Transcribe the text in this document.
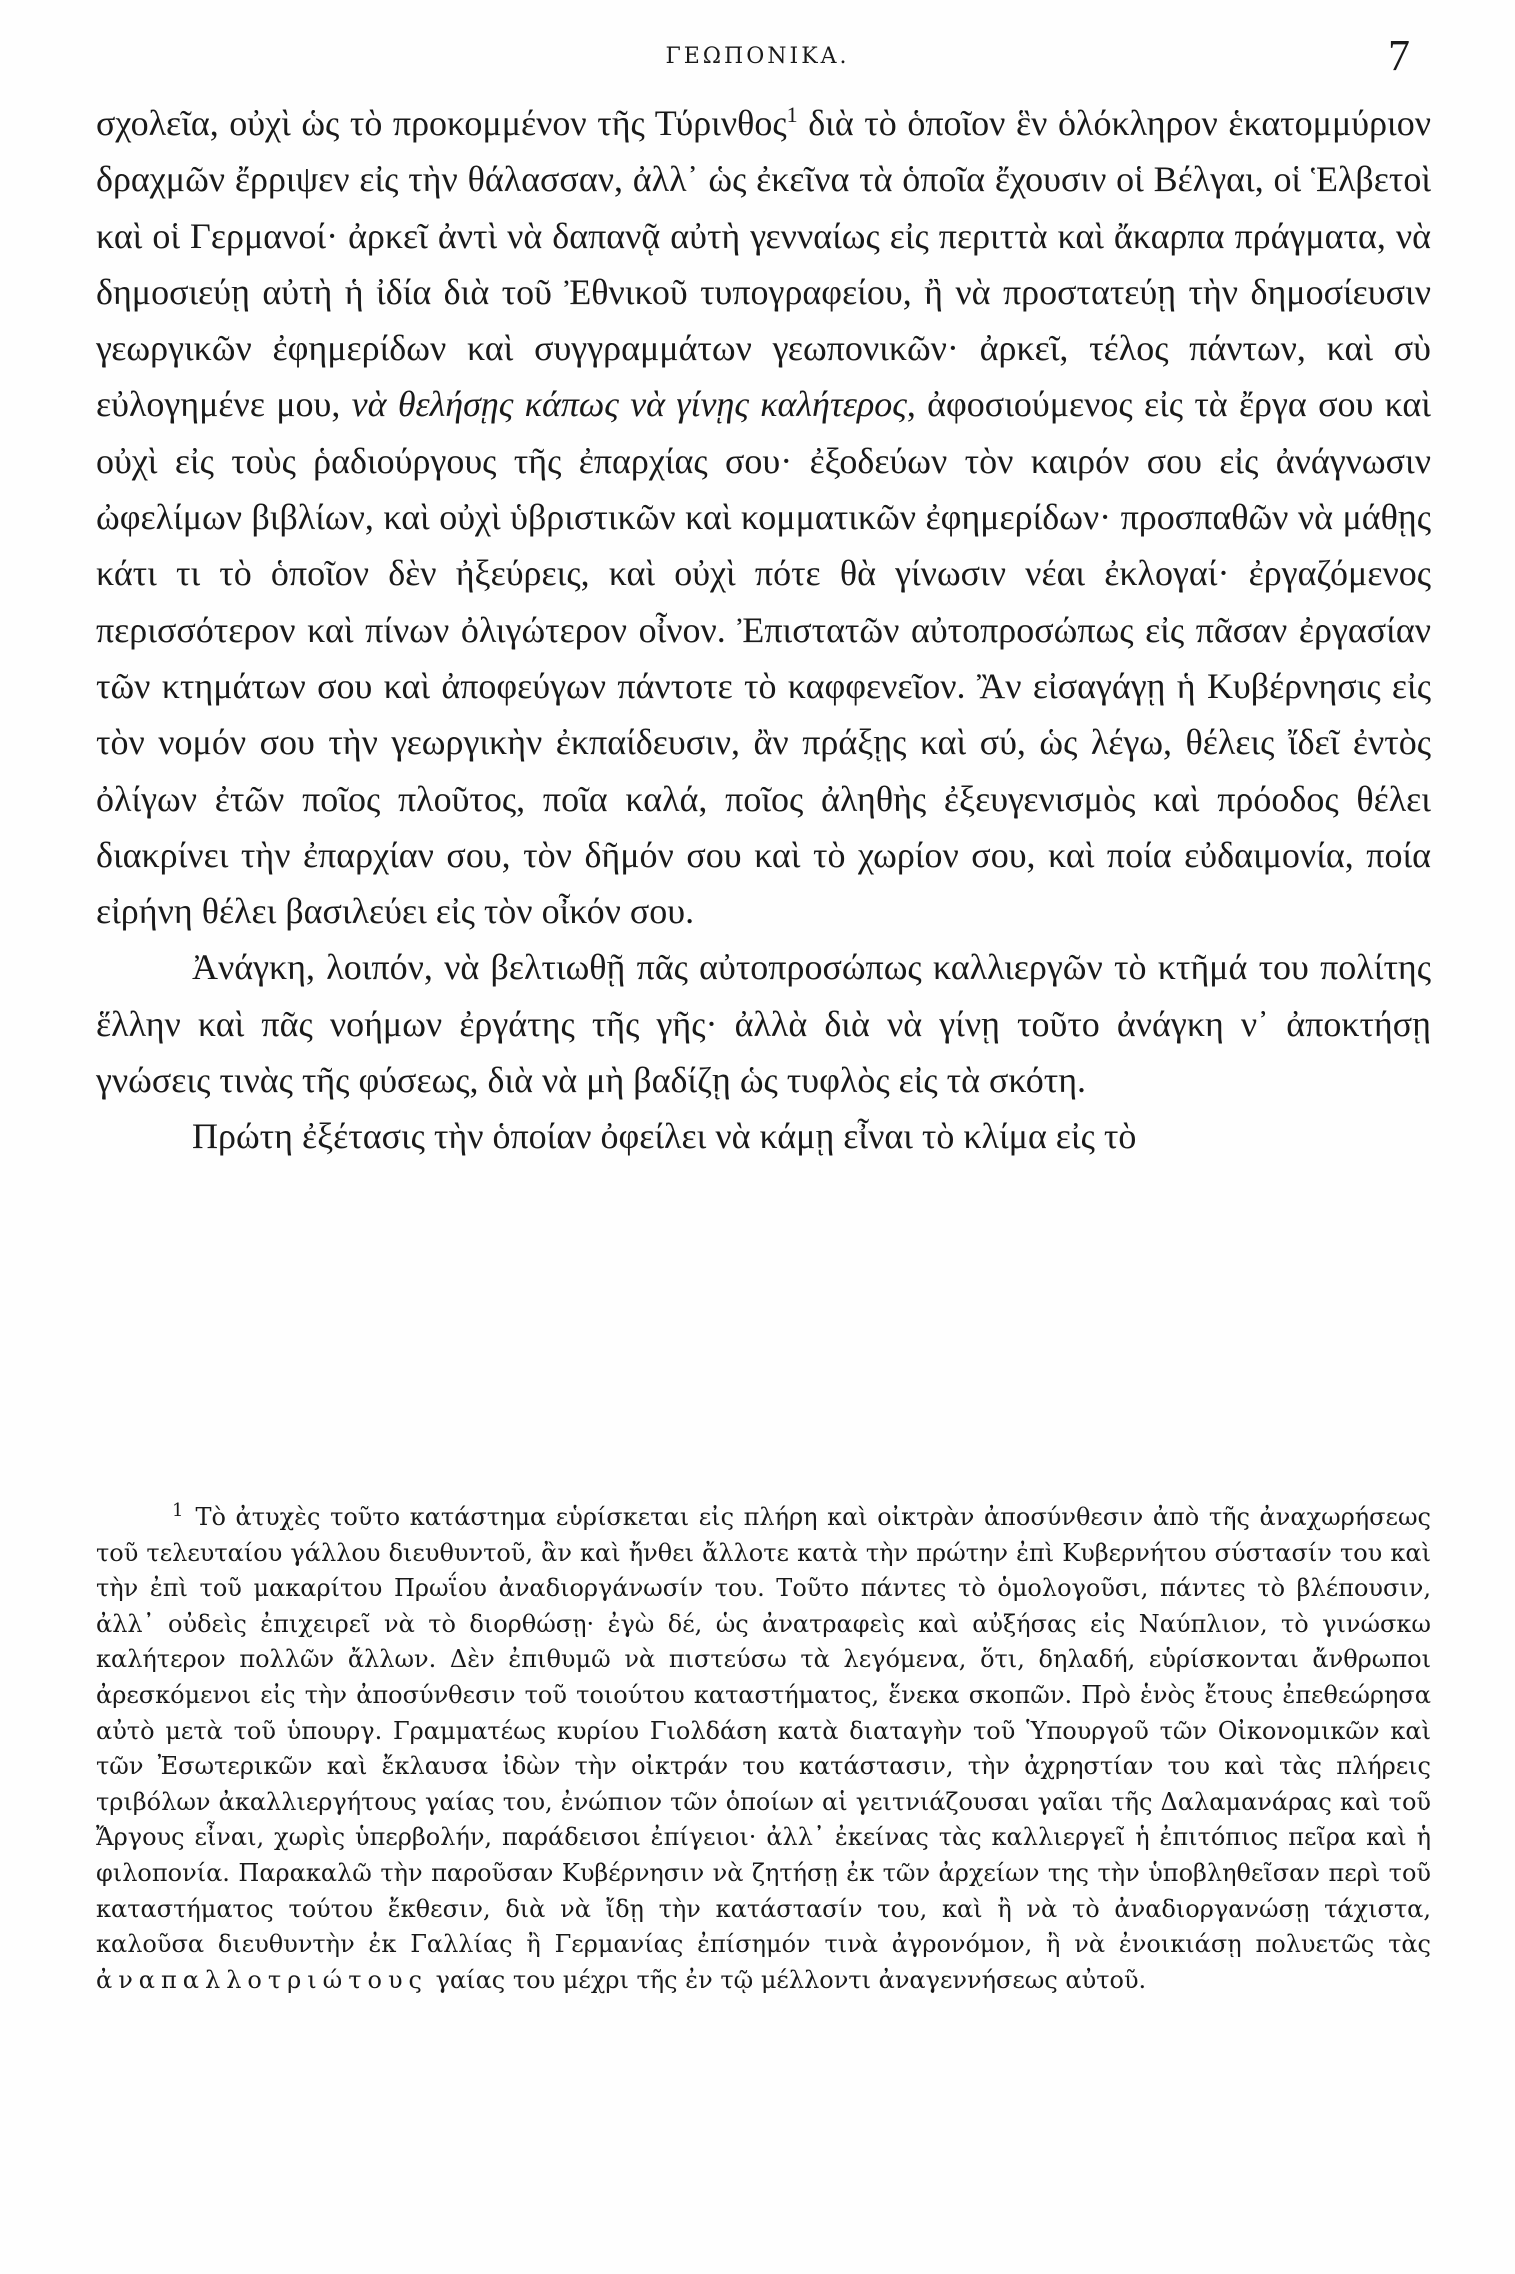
ΓΕΩΠΟΝΙΚΑ.	7

σχολεῖα, οὐχὶ ὡς τὸ προκομμένον τῆς Τύρινθος$^1$ διὰ τὸ ὁποῖον ἓν ὁλόκληρον ἑκατομμύριον δραχμῶν ἔρριψεν εἰς τὴν θάλασσαν, ἀλλ᾽ ὡς ἐκεῖνα τὰ ὁποῖα ἔχουσιν οἱ Βέλγαι, οἱ Ἑλβετοὶ καὶ οἱ Γερμανοί· ἀρκεῖ ἀντὶ νὰ δαπανᾷ αὐτὴ γενναίως εἰς περιττὰ καὶ ἄκαρπα πράγματα, νὰ δημοσιεύῃ αὐτὴ ἡ ἰδία διὰ τοῦ Ἐθνικοῦ τυπογραφείου, ἢ νὰ προστατεύῃ τὴν δημοσίευσιν γεωργικῶν ἐφημερίδων καὶ συγγραμμάτων γεωπονικῶν· ἀρκεῖ, τέλος πάντων, καὶ σὺ εὐλογημένε μου, νὰ θελήσῃς κάπως νὰ γίνῃς καλήτερος, ἀφοσιούμενος εἰς τὰ ἔργα σου καὶ οὐχὶ εἰς τοὺς ῥαδιούργους τῆς ἐπαρχίας σου· ἐξοδεύων τὸν καιρόν σου εἰς ἀνάγνωσιν ὠφελίμων βιβλίων, καὶ οὐχὶ ὑβριστικῶν καὶ κομματικῶν ἐφημερίδων· προσπαθῶν νὰ μάθῃς κάτι τι τὸ ὁποῖον δὲν ἠξεύρεις, καὶ οὐχὶ πότε θὰ γίνωσιν νέαι ἐκλογαί· ἐργαζόμενος περισσότερον καὶ πίνων ὀλιγώτερον οἶνον. Ἐπιστατῶν αὐτοπροσώπως εἰς πᾶσαν ἐργασίαν τῶν κτημάτων σου καὶ ἀποφεύγων πάντοτε τὸ καφφενεῖον. Ἂν εἰσαγάγῃ ἡ Κυβέρνησις εἰς τὸν νομόν σου τὴν γεωργικὴν ἐκπαίδευσιν, ἂν πράξῃς καὶ σύ, ὡς λέγω, θέλεις ἴδεῖ ἐντὸς ὀλίγων ἐτῶν ποῖος πλοῦτος, ποῖα καλά, ποῖος ἀληθὴς ἐξευγενισμὸς καὶ πρόοδος θέλει διακρίνει τὴν ἐπαρχίαν σου, τὸν δῆμόν σου καὶ τὸ χωρίον σου, καὶ ποία εὐδαιμονία, ποία εἰρήνη θέλει βασιλεύει εἰς τὸν οἶκόν σου.

Ἀνάγκη, λοιπόν, νὰ βελτιωθῇ πᾶς αὐτοπροσώπως καλλιεργῶν τὸ κτῆμά του πολίτης ἕλλην καὶ πᾶς νοήμων ἐργάτης τῆς γῆς· ἀλλὰ διὰ νὰ γίνῃ τοῦτο ἀνάγκη ν᾽ ἀποκτήσῃ γνώσεις τινὰς τῆς φύσεως, διὰ νὰ μὴ βαδίζῃ ὡς τυφλὸς εἰς τὰ σκότη.

Πρώτη ἐξέτασις τὴν ὁποίαν ὀφείλει νὰ κάμῃ εἶναι τὸ κλίμα εἰς τὸ

$^1$ Τὸ ἀτυχὲς τοῦτο κατάστημα εὑρίσκεται εἰς πλήρη καὶ οἰκτρὰν ἀποσύνθεσιν ἀπὸ τῆς ἀναχωρήσεως τοῦ τελευταίου γάλλου διευθυντοῦ, ἂν καὶ ἤνθει ἄλλοτε κατὰ τὴν πρώτην ἐπὶ Κυβερνήτου σύστασίν του καὶ τὴν ἐπὶ τοῦ μακαρίτου Πρωΐου ἀναδιοργάνωσίν του. Τοῦτο πάντες τὸ ὁμολογοῦσι, πάντες τὸ βλέπουσιν, ἀλλ᾽ οὐδεὶς ἐπιχειρεῖ νὰ τὸ διορθώσῃ· ἐγὼ δέ, ὡς ἀνατραφεὶς καὶ αὐξήσας εἰς Ναύπλιον, τὸ γινώσκω καλήτερον πολλῶν ἄλλων. Δὲν ἐπιθυμῶ νὰ πιστεύσω τὰ λεγόμενα, ὅτι, δηλαδή, εὑρίσκονται ἄνθρωποι ἀρεσκόμενοι εἰς τὴν ἀποσύνθεσιν τοῦ τοιούτου καταστήματος, ἕνεκα σκοπῶν. Πρὸ ἑνὸς ἔτους ἐπεθεώρησα αὐτὸ μετὰ τοῦ ὑπουργ. Γραμματέως κυρίου Γιολδάση κατὰ διαταγὴν τοῦ Ὑπουργοῦ τῶν Οἰκονομικῶν καὶ τῶν Ἐσωτερικῶν καὶ ἔκλαυσα ἰδὼν τὴν οἰκτράν του κατάστασιν, τὴν ἀχρηστίαν του καὶ τὰς πλήρεις τριβόλων ἀκαλλιεργήτους γαίας του, ἐνώπιον τῶν ὁποίων αἱ γειτνιάζουσαι γαῖαι τῆς Δαλαμανάρας καὶ τοῦ Ἄργους εἶναι, χωρὶς ὑπερβολήν, παράδεισοι ἐπίγειοι· ἀλλ᾽ ἐκείνας τὰς καλλιεργεῖ ἡ ἐπιτόπιος πεῖρα καὶ ἡ φιλοπονία. Παρακαλῶ τὴν παροῦσαν Κυβέρνησιν νὰ ζητήσῃ ἐκ τῶν ἀρχείων της τὴν ὑποβληθεῖσαν περὶ τοῦ καταστήματος τούτου ἔκθεσιν, διὰ νὰ ἴδῃ τὴν κατάστασίν του, καὶ ἢ νὰ τὸ ἀναδιοργανώσῃ τάχιστα, καλοῦσα διευθυντὴν ἐκ Γαλλίας ἢ Γερμανίας ἐπίσημόν τινὰ ἀγρονόμον, ἢ νὰ ἐνοικιάσῃ πολυετῶς τὰς ἀναπαλλοτριώτους γαίας του μέχρι τῆς ἐν τῷ μέλλοντι ἀναγεννήσεως αὐτοῦ.
